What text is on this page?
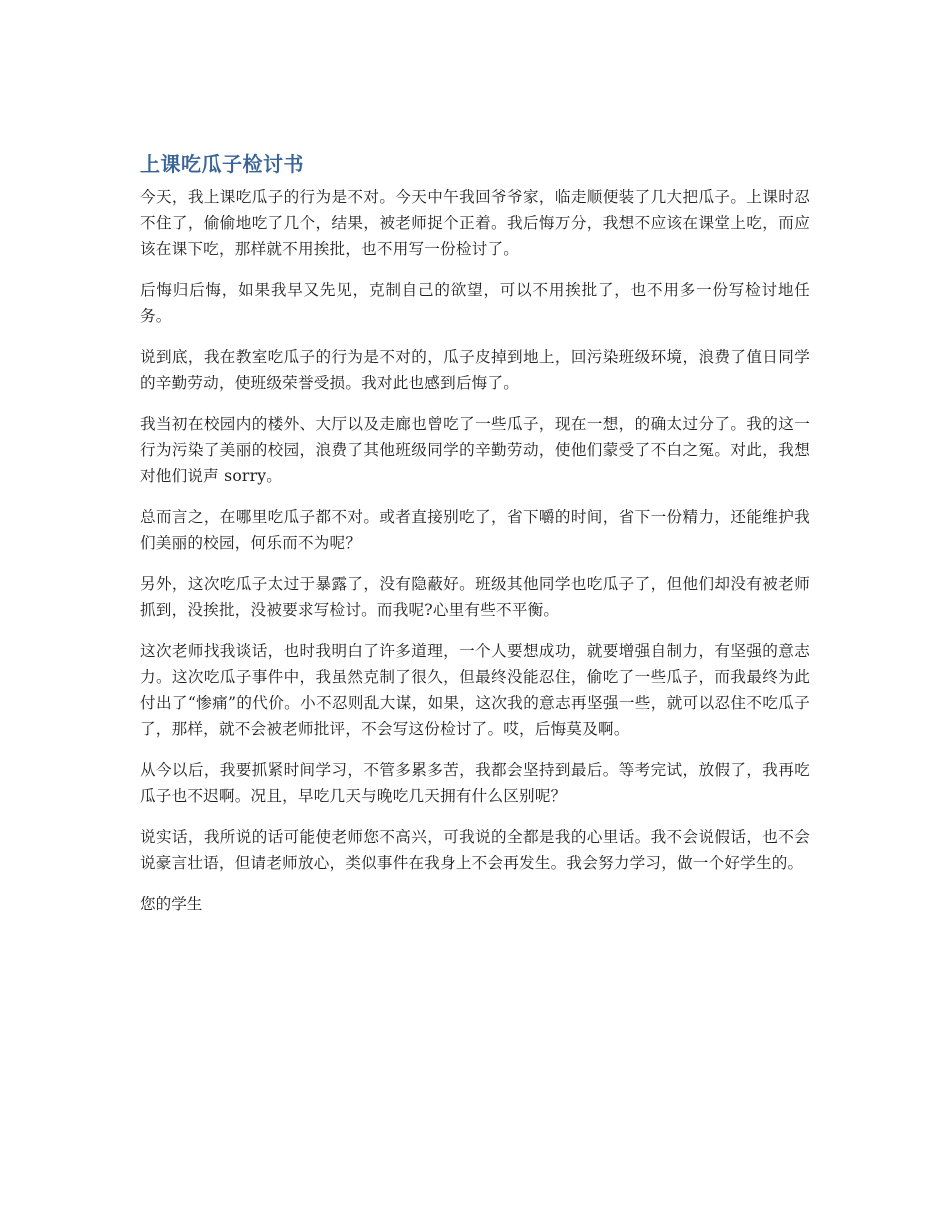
上课吃瓜子检讨书

今天，我上课吃瓜子的行为是不对。今天中午我回爷爷家，临走顺便装了几大把瓜子。上课时忍不住了，偷偷地吃了几个，结果，被老师捉个正着。我后悔万分，我想不应该在课堂上吃，而应该在课下吃，那样就不用挨批，也不用写一份检讨了。

后悔归后悔，如果我早又先见，克制自己的欲望，可以不用挨批了，也不用多一份写检讨地任务。

说到底，我在教室吃瓜子的行为是不对的，瓜子皮掉到地上，回污染班级环境，浪费了值日同学的辛勤劳动，使班级荣誉受损。我对此也感到后悔了。

我当初在校园内的楼外、大厅以及走廊也曾吃了一些瓜子，现在一想，的确太过分了。我的这一行为污染了美丽的校园，浪费了其他班级同学的辛勤劳动，使他们蒙受了不白之冤。对此，我想对他们说声 sorry。

总而言之，在哪里吃瓜子都不对。或者直接别吃了，省下嚼的时间，省下一份精力，还能维护我们美丽的校园，何乐而不为呢？

另外，这次吃瓜子太过于暴露了，没有隐蔽好。班级其他同学也吃瓜子了，但他们却没有被老师抓到，没挨批，没被要求写检讨。而我呢?心里有些不平衡。

这次老师找我谈话，也时我明白了许多道理，一个人要想成功，就要增强自制力，有坚强的意志力。这次吃瓜子事件中，我虽然克制了很久，但最终没能忍住，偷吃了一些瓜子，而我最终为此付出了“惨痛”的代价。小不忍则乱大谋，如果，这次我的意志再坚强一些，就可以忍住不吃瓜子了，那样，就不会被老师批评，不会写这份检讨了。哎，后悔莫及啊。

从今以后，我要抓紧时间学习，不管多累多苦，我都会坚持到最后。等考完试，放假了，我再吃瓜子也不迟啊。况且，早吃几天与晚吃几天拥有什么区别呢？

说实话，我所说的话可能使老师您不高兴，可我说的全都是我的心里话。我不会说假话，也不会说豪言壮语，但请老师放心，类似事件在我身上不会再发生。我会努力学习，做一个好学生的。

您的学生
